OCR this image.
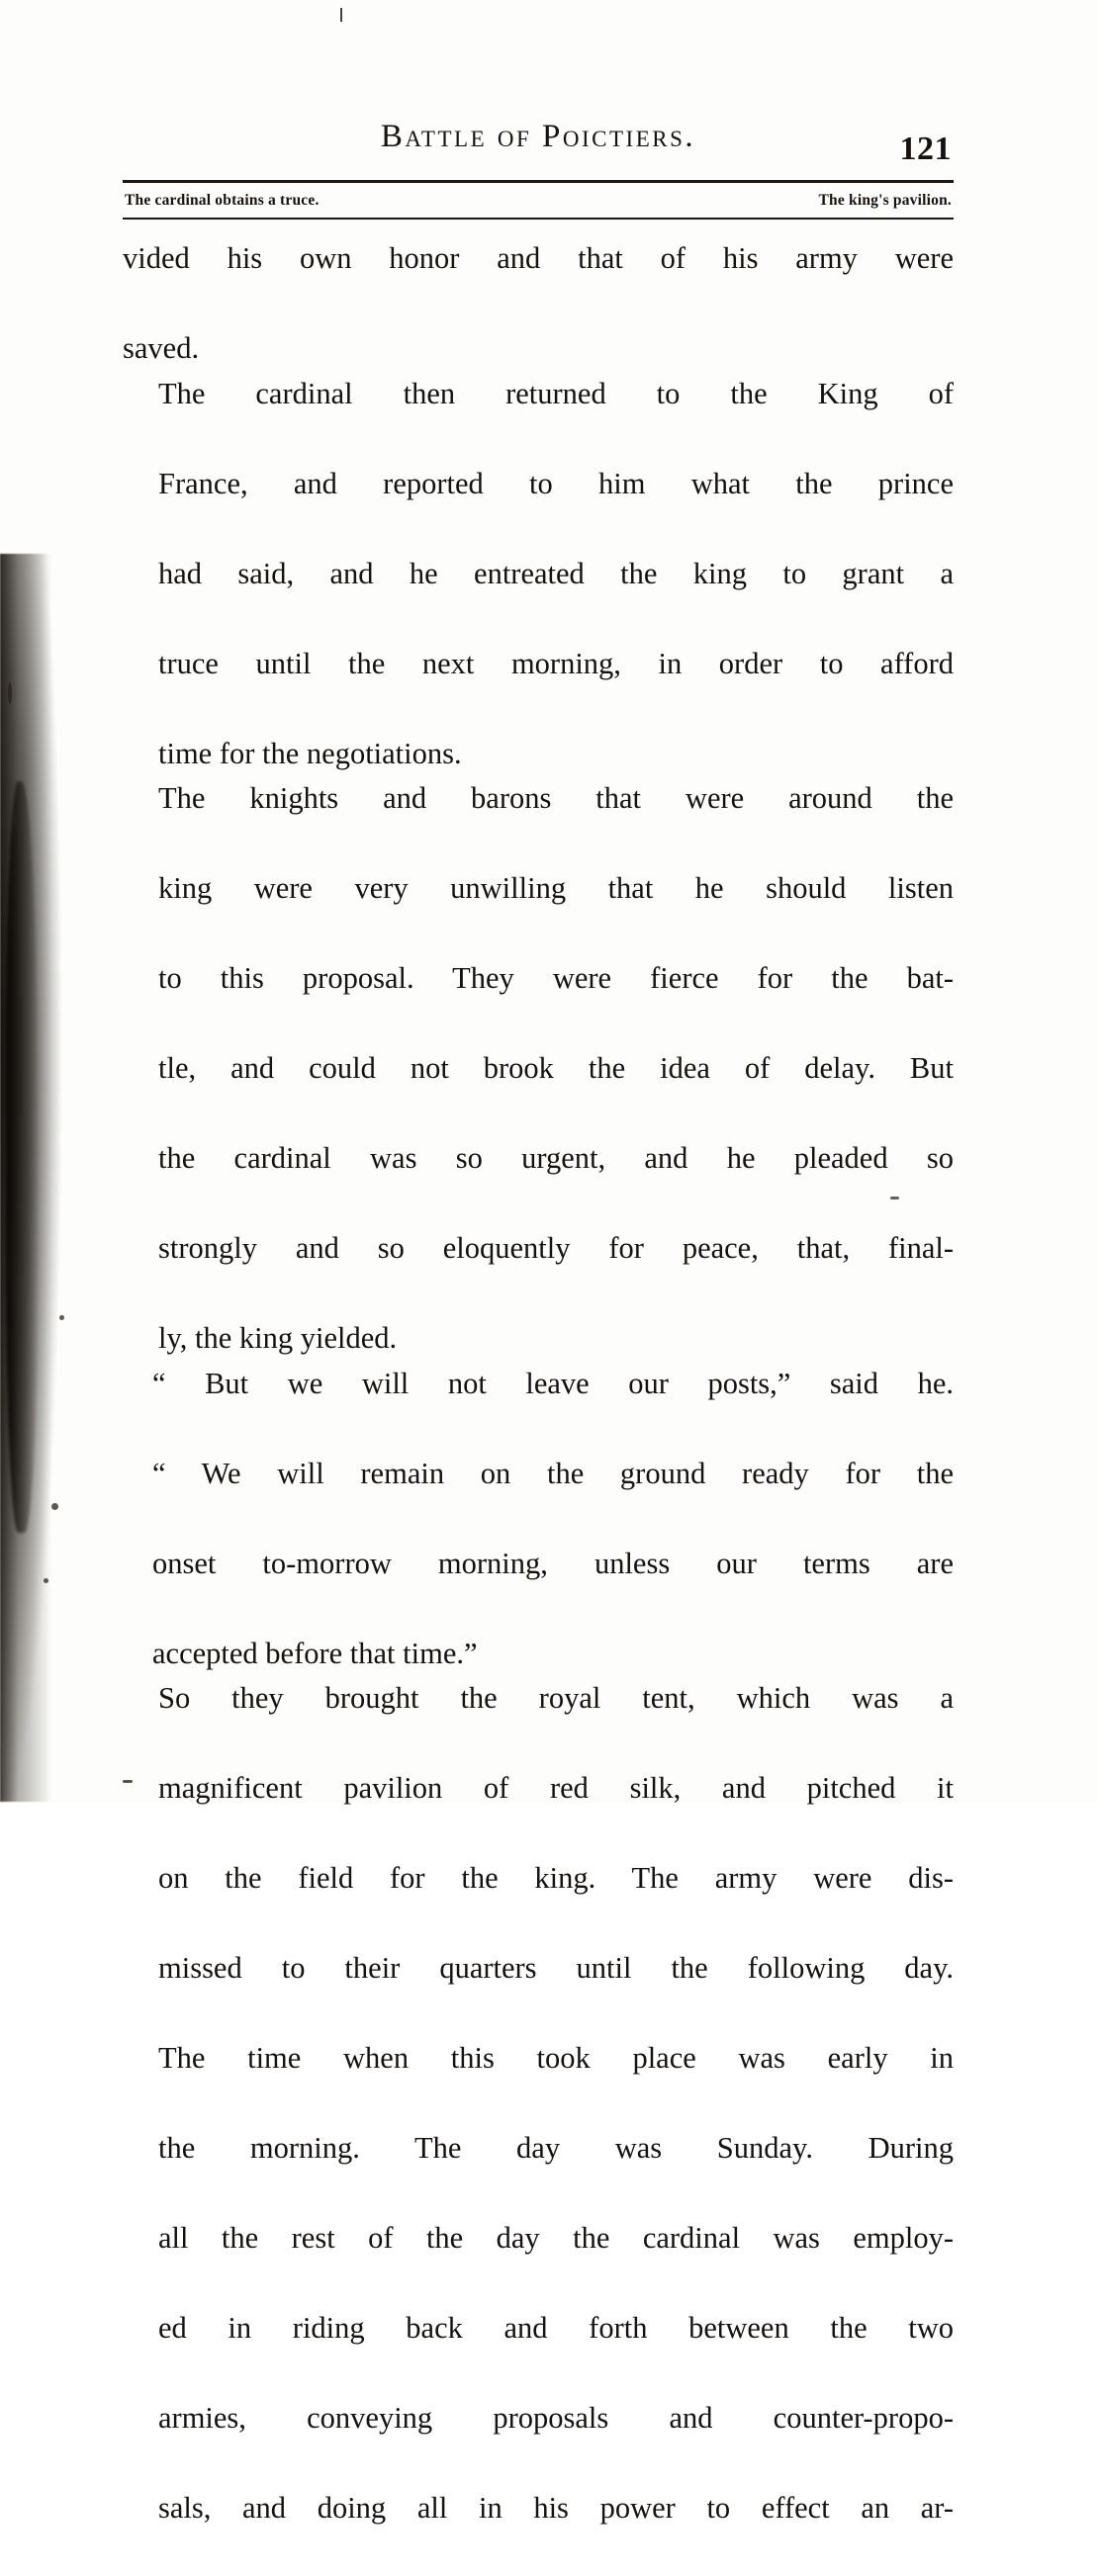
Battle of Poictiers.	121
The cardinal obtains a truce.	The king's pavilion.

vided his own honor and that of his army were
saved.

The cardinal then returned to the King of
France, and reported to him what the prince
had said, and he entreated the king to grant a
truce until the next morning, in order to afford
time for the negotiations.

The knights and barons that were around the
king were very unwilling that he should listen
to this proposal. They were fierce for the bat-
tle, and could not brook the idea of delay. But
the cardinal was so urgent, and he pleaded so
strongly and so eloquently for peace, that, final-
ly, the king yielded.

“ But we will not leave our posts,” said he.
“ We will remain on the ground ready for the
onset to-morrow morning, unless our terms are
accepted before that time.”

So they brought the royal tent, which was a
magnificent pavilion of red silk, and pitched it
on the field for the king. The army were dis-
missed to their quarters until the following day.

The time when this took place was early in
the morning. The day was Sunday. During
all the rest of the day the cardinal was employ-
ed in riding back and forth between the two
armies, conveying proposals and counter-propo-
sals, and doing all in his power to effect an ar-
